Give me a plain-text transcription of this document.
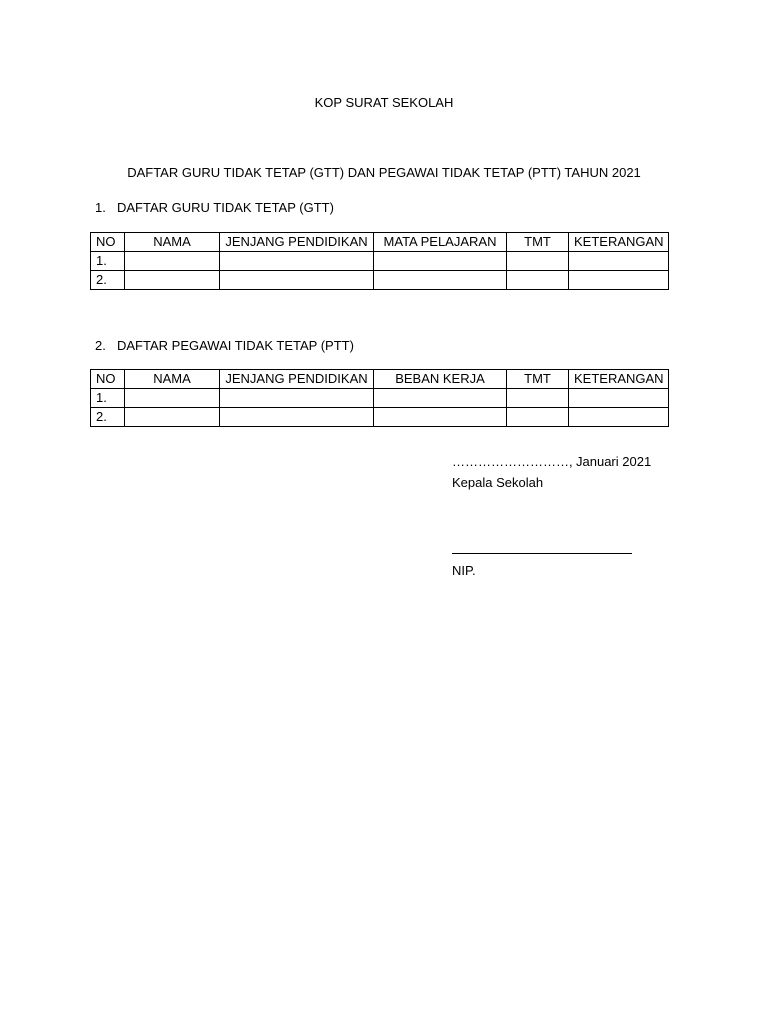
KOP SURAT SEKOLAH
DAFTAR GURU TIDAK TETAP (GTT) DAN PEGAWAI TIDAK TETAP (PTT) TAHUN 2021
1. DAFTAR GURU TIDAK TETAP (GTT)
NO	NAMA	JENJANG PENDIDIKAN	MATA PELAJARAN	TMT	KETERANGAN
1.					
2.					
2. DAFTAR PEGAWAI TIDAK TETAP (PTT)
NO	NAMA	JENJANG PENDIDIKAN	BEBAN KERJA	TMT	KETERANGAN
1.					
2.					
………………………, Januari 2021
Kepala Sekolah
NIP.
